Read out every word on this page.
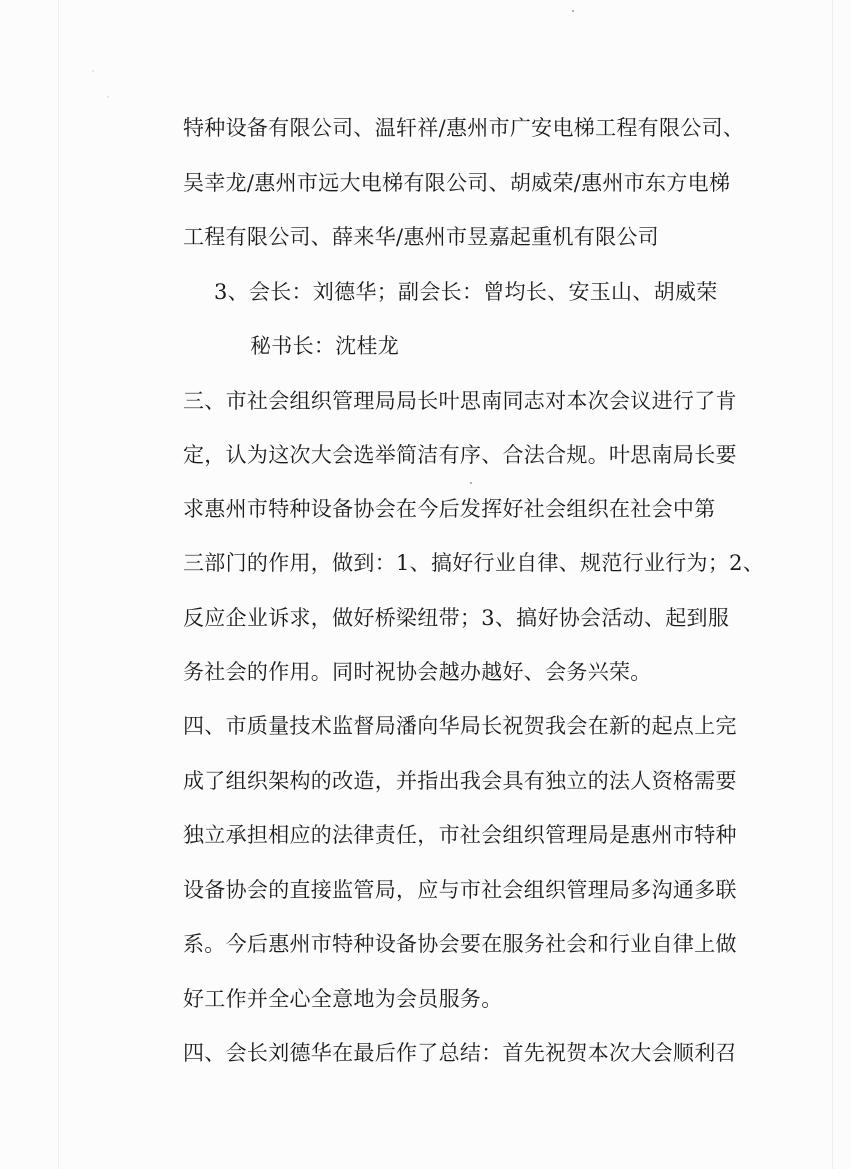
特种设备有限公司、温轩祥/惠州市广安电梯工程有限公司、
吴幸龙/惠州市远大电梯有限公司、胡威荣/惠州市东方电梯
工程有限公司、薛来华/惠州市昱嘉起重机有限公司
3、会长：刘德华；副会长：曾均长、安玉山、胡威荣
秘书长：沈桂龙
三、市社会组织管理局局长叶思南同志对本次会议进行了肯
定，认为这次大会选举简洁有序、合法合规。叶思南局长要
求惠州市特种设备协会在今后发挥好社会组织在社会中第
三部门的作用，做到：1、搞好行业自律、规范行业行为；2、
反应企业诉求，做好桥梁纽带；3、搞好协会活动、起到服
务社会的作用。同时祝协会越办越好、会务兴荣。
四、市质量技术监督局潘向华局长祝贺我会在新的起点上完
成了组织架构的改造，并指出我会具有独立的法人资格需要
独立承担相应的法律责任，市社会组织管理局是惠州市特种
设备协会的直接监管局，应与市社会组织管理局多沟通多联
系。今后惠州市特种设备协会要在服务社会和行业自律上做
好工作并全心全意地为会员服务。
四、会长刘德华在最后作了总结：首先祝贺本次大会顺利召
